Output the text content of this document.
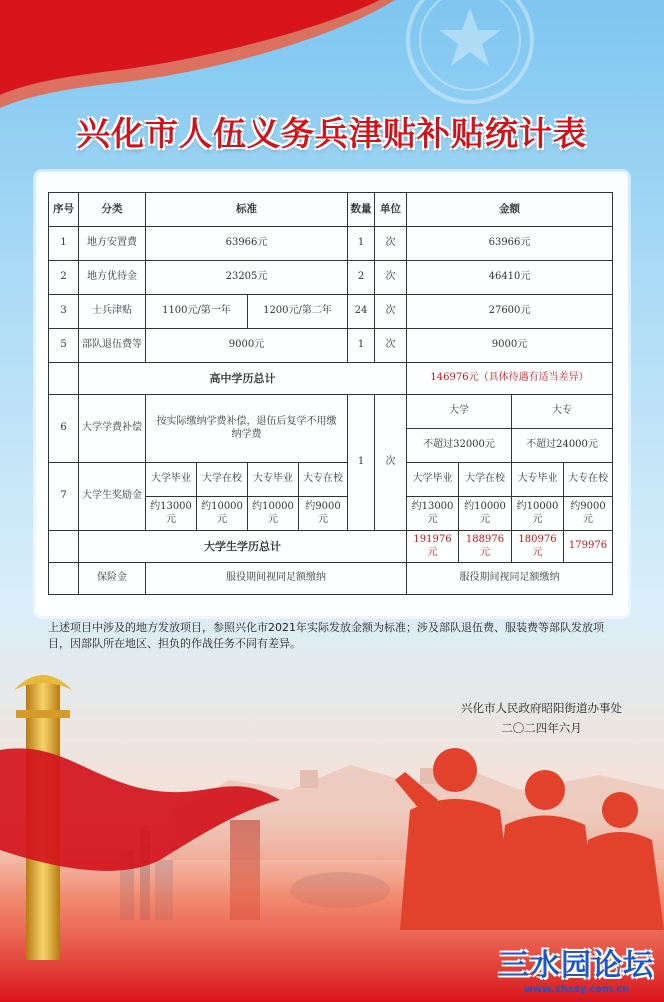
兴化市人伍义务兵津贴补贴统计表
序号	分类	标准				数量	单位	金额			
1	地方安置费	63966元				1	次	63966元			
2	地方优待金	23205元				2	次	46410元			
3	士兵津贴	1100元/第一年		1200元/第二年		24	次	27600元			
5	部队退伍费等	9000元				1	次	9000元			
	高中学历总计							146976元（具体待遇有适当差异）			
6	大学学费补偿	按实际缴纳学费补偿，退伍后复学不用缴纳学费				1	次	大学		大专	
								不超过32000元		不超过24000元	
7	大学生奖励金	大学毕业	大学在校	大专毕业	大专在校			大学毕业	大学在校	大专毕业	大专在校
		约13000元	约10000元	约10000元	约9000元			约13000元	约10000元	约10000元	约9000元
	大学生学历总计							191976元	188976元	180976元	179976
	保险金	服役期间视同足额缴纳						服役期间视同足额缴纳			
上述项目中涉及的地方发放项目，参照兴化市2021年实际发放金额为标准；涉及部队退伍费、服装费等部队发放项目，因部队所在地区、担负的作战任务不同有差异。
兴化市人民政府昭阳街道办事处
二〇二四年六月
三水园论坛
www.xhssy.com.cn
